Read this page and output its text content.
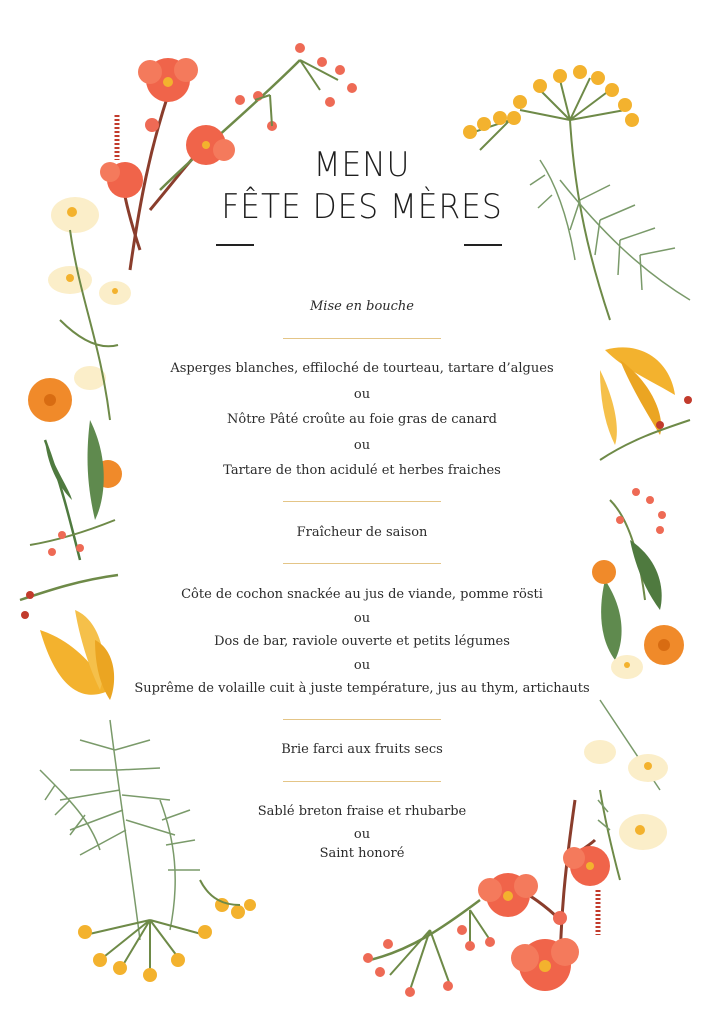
MENU
FÊTE DES MÈRES
Mise en bouche
Asperges blanches, effiloché de tourteau, tartare d’algues
ou
Nôtre Pâté croûte au foie gras de canard
ou
Tartare de thon acidulé et herbes fraiches
Fraîcheur de saison
Côte de cochon snackée au jus de viande, pomme rösti
ou
Dos de bar, raviole ouverte et petits légumes
ou
Suprême de volaille cuit à juste température, jus au thym, artichauts
Brie farci aux fruits secs
Sablé breton fraise et rhubarbe
ou
Saint honoré
